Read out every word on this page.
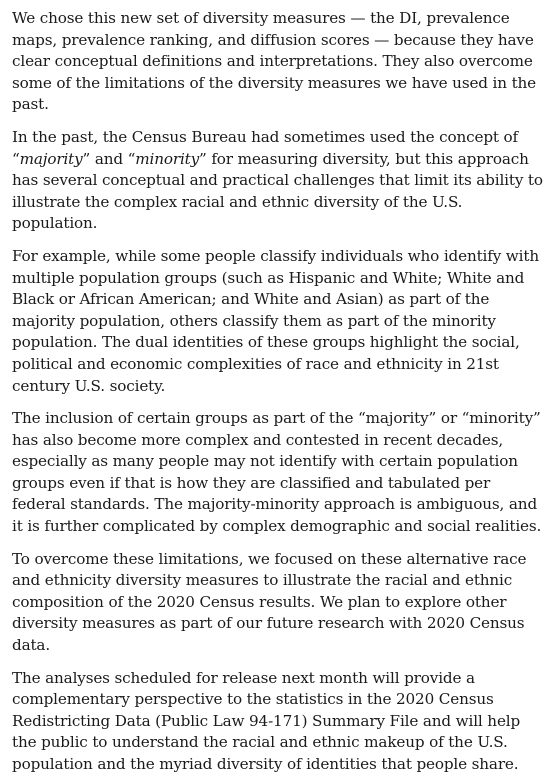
We chose this new set of diversity measures — the DI, prevalence maps, prevalence ranking, and diffusion scores — because they have clear conceptual definitions and interpretations. They also overcome some of the limitations of the diversity measures we have used in the past.

In the past, the Census Bureau had sometimes used the concept of “majority” and “minority” for measuring diversity, but this approach has several conceptual and practical challenges that limit its ability to illustrate the complex racial and ethnic diversity of the U.S. population.

For example, while some people classify individuals who identify with multiple population groups (such as Hispanic and White; White and Black or African American; and White and Asian) as part of the majority population, others classify them as part of the minority population. The dual identities of these groups highlight the social, political and economic complexities of race and ethnicity in 21st century U.S. society.

The inclusion of certain groups as part of the “majority” or “minority” has also become more complex and contested in recent decades, especially as many people may not identify with certain population groups even if that is how they are classified and tabulated per federal standards. The majority-minority approach is ambiguous, and it is further complicated by complex demographic and social realities.

To overcome these limitations, we focused on these alternative race and ethnicity diversity measures to illustrate the racial and ethnic composition of the 2020 Census results. We plan to explore other diversity measures as part of our future research with 2020 Census data.

The analyses scheduled for release next month will provide a complementary perspective to the statistics in the 2020 Census Redistricting Data (Public Law 94-171) Summary File and will help the public to understand the racial and ethnic makeup of the U.S. population and the myriad diversity of identities that people share.
